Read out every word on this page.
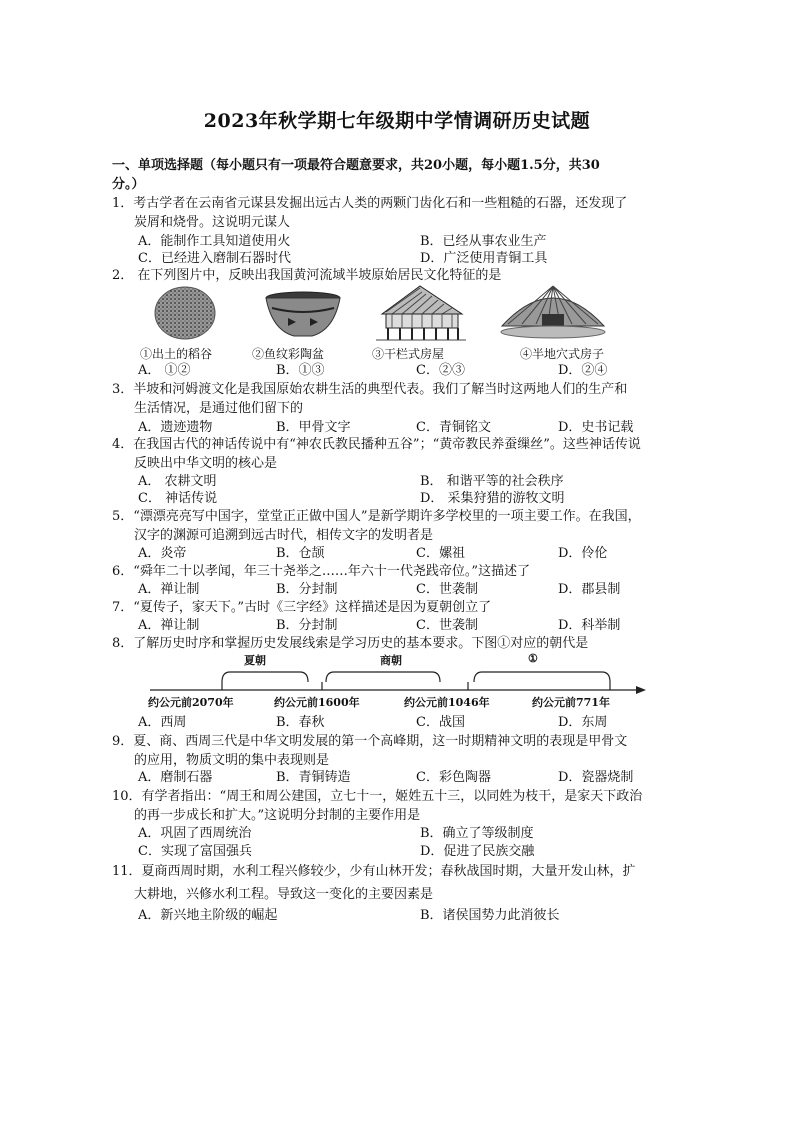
2023年秋学期七年级期中学情调研历史试题
一、单项选择题（每小题只有一项最符合题意要求，共20小题，每小题1.5分，共30
分。）
1．考古学者在云南省元谋县发掘出远古人类的两颗门齿化石和一些粗糙的石器，还发现了
炭屑和烧骨。这说明元谋人
A．能制作工具知道使用火	B．已经从事农业生产
C．已经进入磨制石器时代	D．广泛使用青铜工具
2． 在下列图片中，反映出我国黄河流域半坡原始居民文化特征的是
①出土的稻谷	②鱼纹彩陶盆	③干栏式房屋	④半地穴式房子
A． ①②	B．①③	C．②③	D．②④
3．半坡和河姆渡文化是我国原始农耕生活的典型代表。我们了解当时这两地人们的生产和
生活情况，是通过他们留下的
A．遗迹遗物	B．甲骨文字	C．青铜铭文	D．史书记载
4．在我国古代的神话传说中有“神农氏教民播种五谷”；“黄帝教民养蚕缫丝”。这些神话传说
反映出中华文明的核心是
A． 农耕文明	B． 和谐平等的社会秩序
C． 神话传说	D． 采集狩猎的游牧文明
5．“漂漂亮亮写中国字，堂堂正正做中国人”是新学期许多学校里的一项主要工作。在我国，
汉字的渊源可追溯到远古时代，相传文字的发明者是
A．炎帝	B．仓颉	C．嫘祖	D．伶伦
6．“舜年二十以孝闻，年三十尧举之……年六十一代尧践帝位。”这描述了
A．禅让制	B．分封制	C．世袭制	D．郡县制
7．“夏传子，家天下。”古时《三字经》这样描述是因为夏朝创立了
A．禅让制	B．分封制	C．世袭制	D．科举制
8．了解历史时序和掌握历史发展线索是学习历史的基本要求。下图①对应的朝代是
夏朝	商朝	①
约公元前2070年	约公元前1600年	约公元前1046年	约公元前771年
A．西周	B．春秋	C．战国	D．东周
9．夏、商、西周三代是中华文明发展的第一个高峰期，这一时期精神文明的表现是甲骨文
的应用，物质文明的集中表现则是
A．磨制石器	B．青铜铸造	C．彩色陶器	D．瓷器烧制
10．有学者指出：“周王和周公建国，立七十一，姬姓五十三，以同姓为枝干，是家天下政治
的再一步成长和扩大。”这说明分封制的主要作用是
A．巩固了西周统治	B．确立了等级制度
C．实现了富国强兵	D．促进了民族交融
11．夏商西周时期，水利工程兴修较少，少有山林开发；春秋战国时期，大量开发山林，扩
大耕地，兴修水利工程。导致这一变化的主要因素是
A．新兴地主阶级的崛起	B．诸侯国势力此消彼长
